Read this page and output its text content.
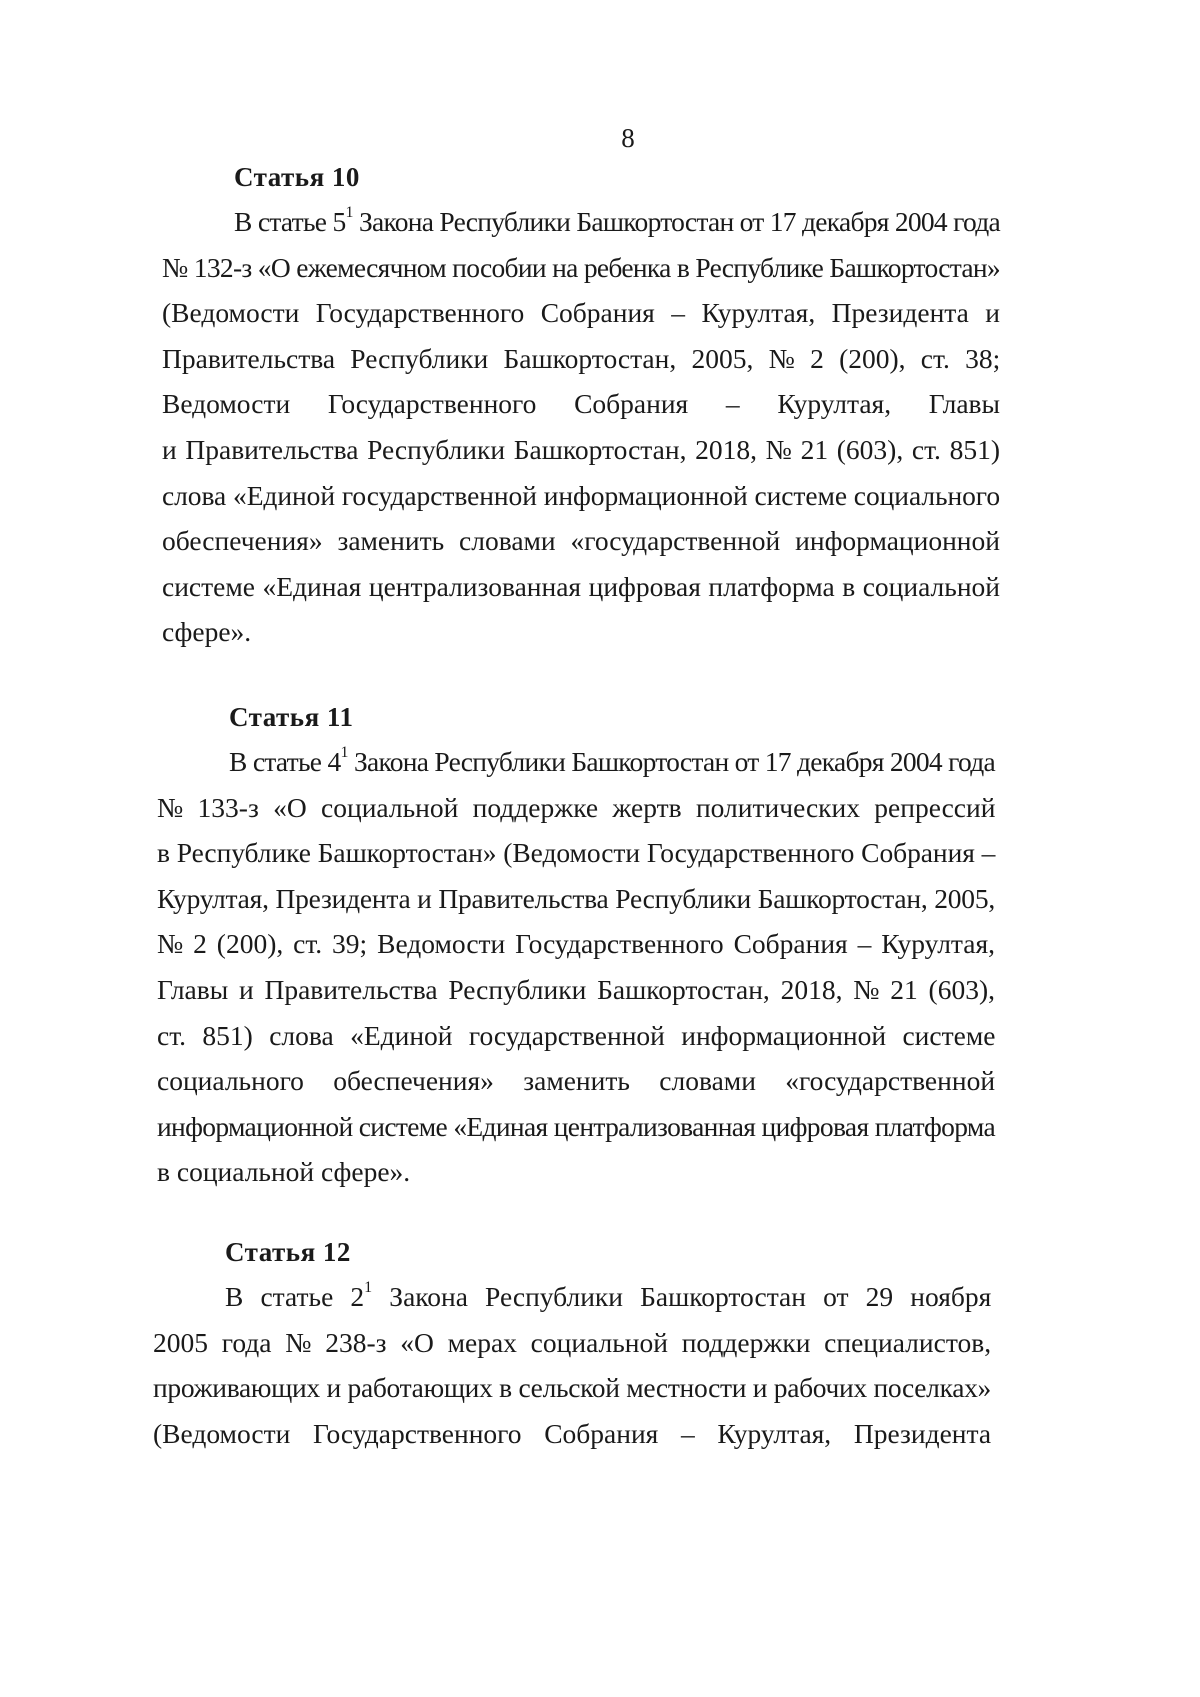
8
Статья 10
В статье $5^1$ Закона Республики Башкортостан от 17 декабря 2004 года
№ 132-з «О ежемесячном пособии на ребенка в Республике Башкортостан»
(Ведомости Государственного Собрания – Курултая, Президента и
Правительства Республики Башкортостан, 2005, № 2 (200), ст. 38;
Ведомости Государственного Собрания – Курултая, Главы
и Правительства Республики Башкортостан, 2018, № 21 (603), ст. 851)
слова «Единой государственной информационной системе социального
обеспечения» заменить словами «государственной информационной
системе «Единая централизованная цифровая платформа в социальной
сфере».
Статья 11
В статье $4^1$ Закона Республики Башкортостан от 17 декабря 2004 года
№ 133-з «О социальной поддержке жертв политических репрессий
в Республике Башкортостан» (Ведомости Государственного Собрания –
Курултая, Президента и Правительства Республики Башкортостан, 2005,
№ 2 (200), ст. 39; Ведомости Государственного Собрания – Курултая,
Главы и Правительства Республики Башкортостан, 2018, № 21 (603),
ст. 851) слова «Единой государственной информационной системе
социального обеспечения» заменить словами «государственной
информационной системе «Единая централизованная цифровая платформа
в социальной сфере».
Статья 12
В статье $2^1$ Закона Республики Башкортостан от 29 ноября
2005 года № 238-з «О мерах социальной поддержки специалистов,
проживающих и работающих в сельской местности и рабочих поселках»
(Ведомости Государственного Собрания – Курултая, Президента
